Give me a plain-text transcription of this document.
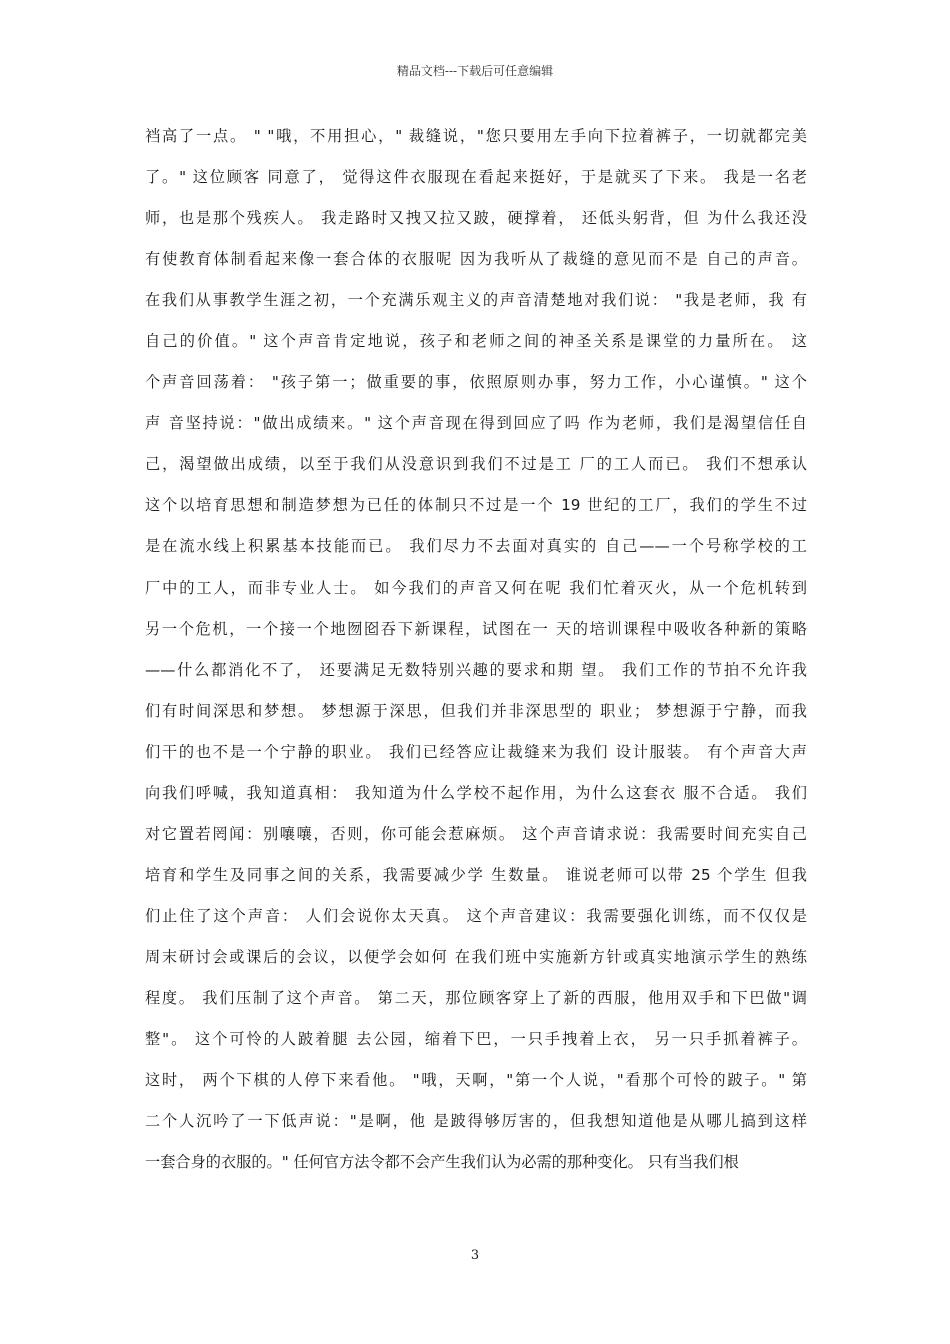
精品文档---下载后可任意编辑
裆高了一点。 " "哦，不用担心，" 裁缝说，"您只要用左手向下拉着裤子，一切就都完美
了。" 这位顾客 同意了， 觉得这件衣服现在看起来挺好，于是就买了下来。 我是一名老
师，也是那个残疾人。 我走路时又拽又拉又跛，硬撑着， 还低头躬背，但 为什么我还没
有使教育体制看起来像一套合体的衣服呢 因为我听从了裁缝的意见而不是 自己的声音。
在我们从事教学生涯之初，一个充满乐观主义的声音清楚地对我们说： "我是老师，我 有
自己的价值。" 这个声音肯定地说，孩子和老师之间的神圣关系是课堂的力量所在。 这
个声音回荡着： "孩子第一；做重要的事，依照原则办事，努力工作，小心谨慎。" 这个
声 音坚持说："做出成绩来。" 这个声音现在得到回应了吗 作为老师，我们是渴望信任自
己，渴望做出成绩，以至于我们从没意识到我们不过是工 厂的工人而已。 我们不想承认
这个以培育思想和制造梦想为已任的体制只不过是一个 19 世纪的工厂，我们的学生不过
是在流水线上积累基本技能而已。 我们尽力不去面对真实的 自己——一个号称学校的工
厂中的工人，而非专业人士。 如今我们的声音又何在呢 我们忙着灭火，从一个危机转到
另一个危机，一个接一个地囫囵吞下新课程，试图在一 天的培训课程中吸收各种新的策略
——什么都消化不了， 还要满足无数特别兴趣的要求和期 望。 我们工作的节拍不允许我
们有时间深思和梦想。 梦想源于深思，但我们并非深思型的 职业； 梦想源于宁静，而我
们干的也不是一个宁静的职业。 我们已经答应让裁缝来为我们 设计服装。 有个声音大声
向我们呼喊，我知道真相： 我知道为什么学校不起作用，为什么这套衣 服不合适。 我们
对它置若罔闻：别嚷嚷，否则，你可能会惹麻烦。 这个声音请求说：我需要时间充实自己
培育和学生及同事之间的关系，我需要减少学 生数量。 谁说老师可以带 25 个学生 但我
们止住了这个声音： 人们会说你太天真。 这个声音建议：我需要强化训练，而不仅仅是
周末研讨会或课后的会议，以便学会如何 在我们班中实施新方针或真实地演示学生的熟练
程度。 我们压制了这个声音。 第二天，那位顾客穿上了新的西服，他用双手和下巴做"调
整"。 这个可怜的人跛着腿 去公园，缩着下巴，一只手拽着上衣， 另一只手抓着裤子。
这时， 两个下棋的人停下来看他。 "哦，天啊，"第一个人说，"看那个可怜的跛子。" 第
二个人沉吟了一下低声说："是啊，他 是跛得够厉害的，但我想知道他是从哪儿搞到这样
一套合身的衣服的。" 任何官方法令都不会产生我们认为必需的那种变化。 只有当我们根
3
